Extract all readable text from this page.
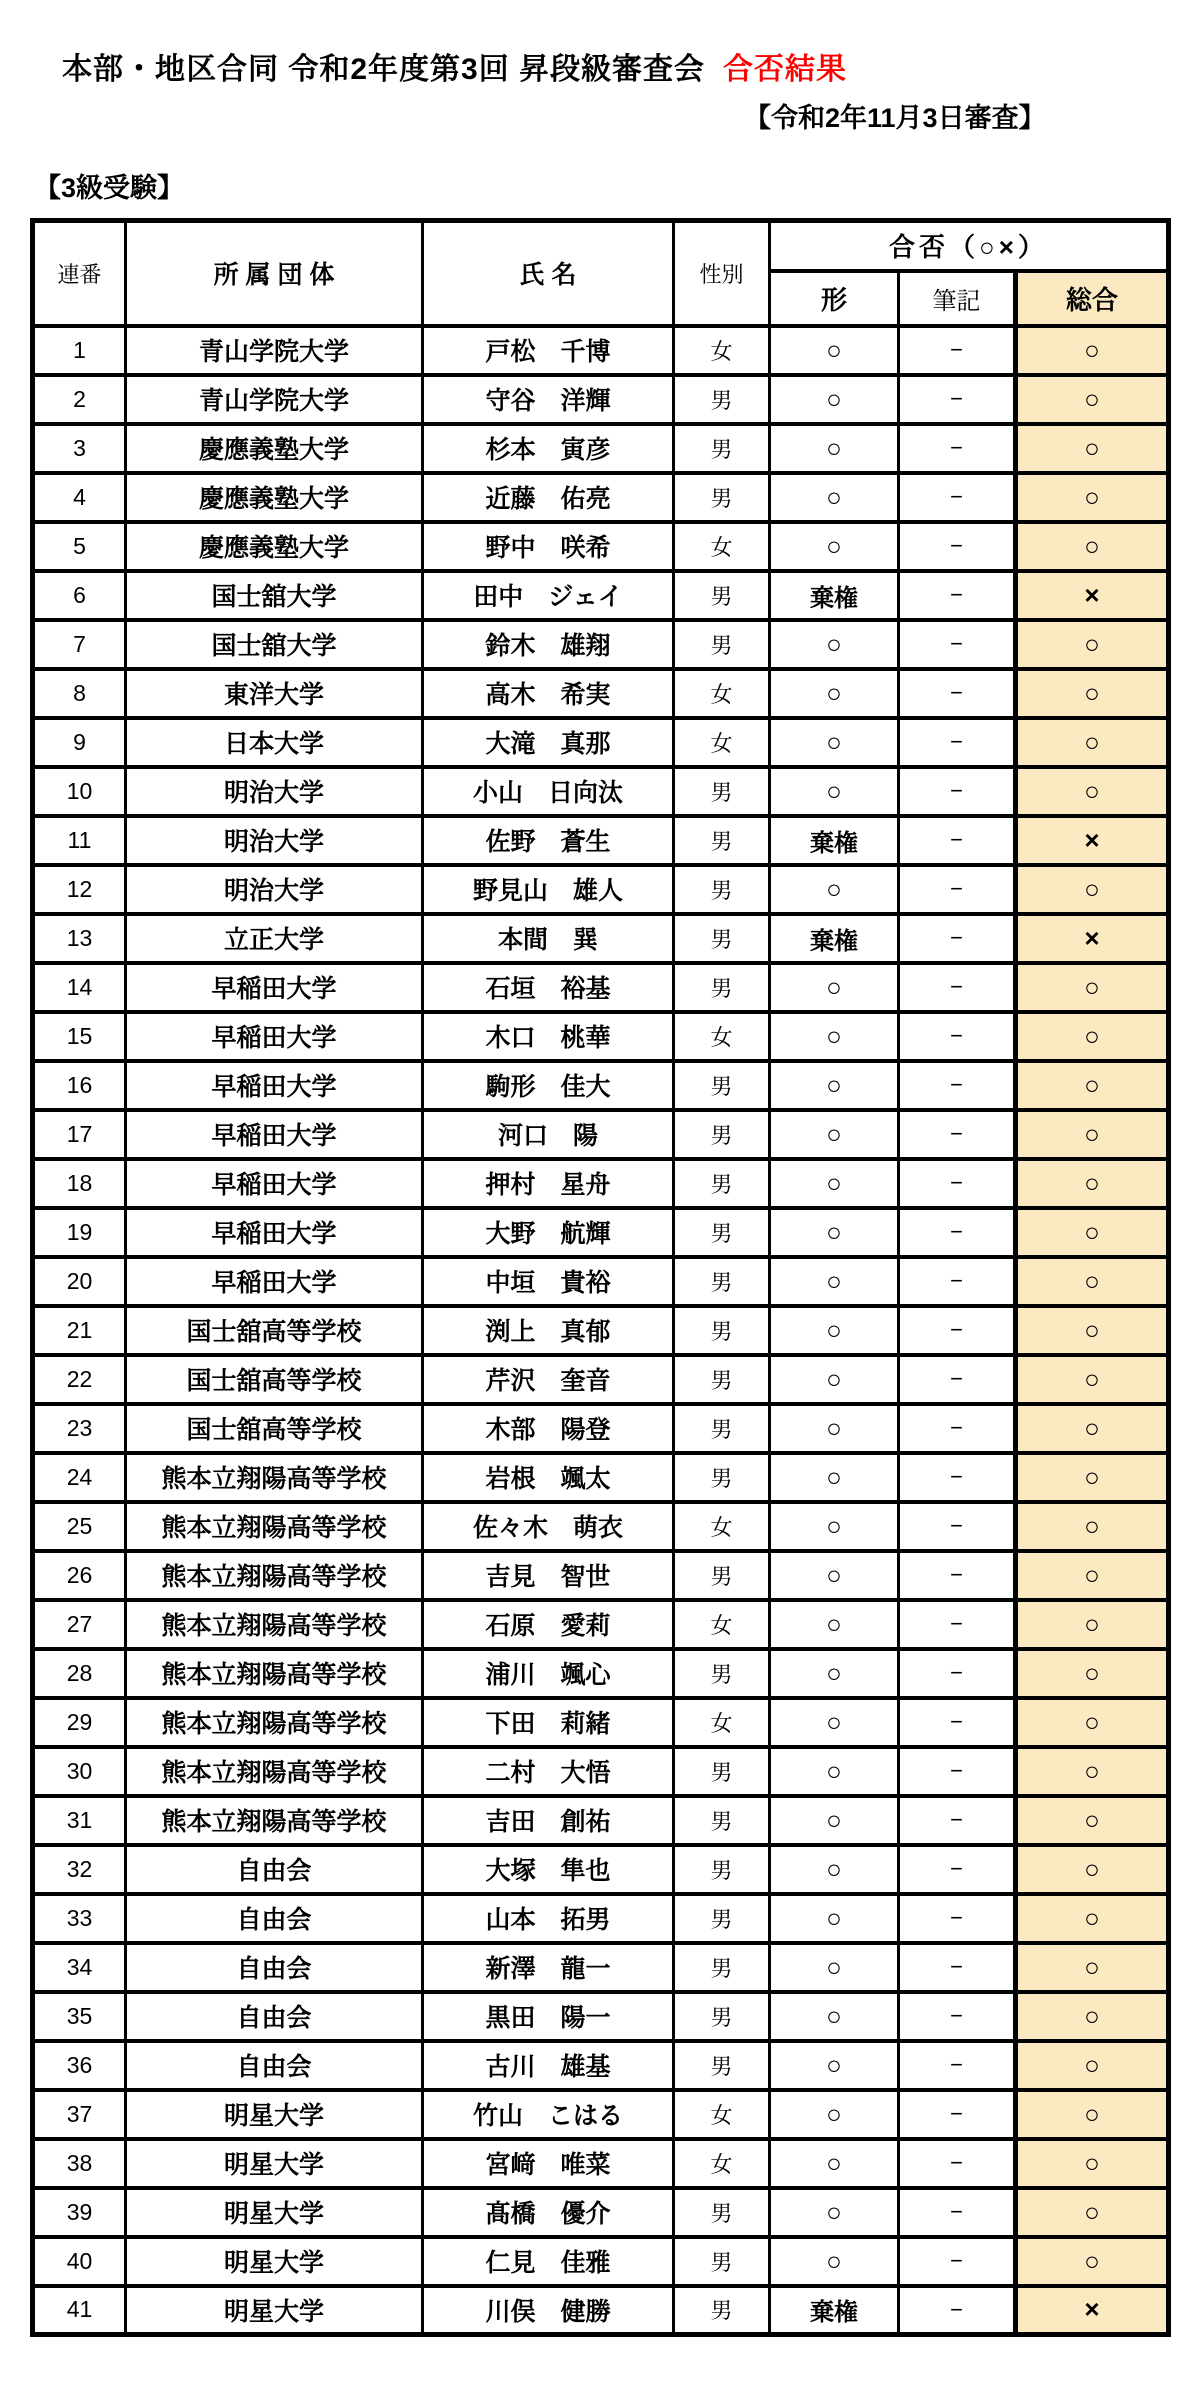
本部・地区合同 令和2年度第3回 昇段級審査会 合否結果
【令和2年11月3日審査】
【3級受験】
連番	所 属 団 体	氏 名	性別	合否（○×）		
				形	筆記	総合
1	青山学院大学	戸松　千博	女	○	−	○
2	青山学院大学	守谷　洋輝	男	○	−	○
3	慶應義塾大学	杉本　寅彦	男	○	−	○
4	慶應義塾大学	近藤　佑亮	男	○	−	○
5	慶應義塾大学	野中　咲希	女	○	−	○
6	国士舘大学	田中　ジェイ	男	棄権	−	×
7	国士舘大学	鈴木　雄翔	男	○	−	○
8	東洋大学	高木　希実	女	○	−	○
9	日本大学	大滝　真那	女	○	−	○
10	明治大学	小山　日向汰	男	○	−	○
11	明治大学	佐野　蒼生	男	棄権	−	×
12	明治大学	野見山　雄人	男	○	−	○
13	立正大学	本間　巽	男	棄権	−	×
14	早稲田大学	石垣　裕基	男	○	−	○
15	早稲田大学	木口　桃華	女	○	−	○
16	早稲田大学	駒形　佳大	男	○	−	○
17	早稲田大学	河口　陽	男	○	−	○
18	早稲田大学	押村　星舟	男	○	−	○
19	早稲田大学	大野　航輝	男	○	−	○
20	早稲田大学	中垣　貴裕	男	○	−	○
21	国士舘高等学校	渕上　真郁	男	○	−	○
22	国士舘高等学校	芹沢　奎音	男	○	−	○
23	国士舘高等学校	木部　陽登	男	○	−	○
24	熊本立翔陽高等学校	岩根　颯太	男	○	−	○
25	熊本立翔陽高等学校	佐々木　萌衣	女	○	−	○
26	熊本立翔陽高等学校	吉見　智世	男	○	−	○
27	熊本立翔陽高等学校	石原　愛莉	女	○	−	○
28	熊本立翔陽高等学校	浦川　颯心	男	○	−	○
29	熊本立翔陽高等学校	下田　莉緒	女	○	−	○
30	熊本立翔陽高等学校	二村　大悟	男	○	−	○
31	熊本立翔陽高等学校	吉田　創祐	男	○	−	○
32	自由会	大塚　隼也	男	○	−	○
33	自由会	山本　拓男	男	○	−	○
34	自由会	新澤　龍一	男	○	−	○
35	自由会	黒田　陽一	男	○	−	○
36	自由会	古川　雄基	男	○	−	○
37	明星大学	竹山　こはる	女	○	−	○
38	明星大学	宮﨑　唯菜	女	○	−	○
39	明星大学	髙橋　優介	男	○	−	○
40	明星大学	仁見　佳雅	男	○	−	○
41	明星大学	川俣　健勝	男	棄権	−	×
